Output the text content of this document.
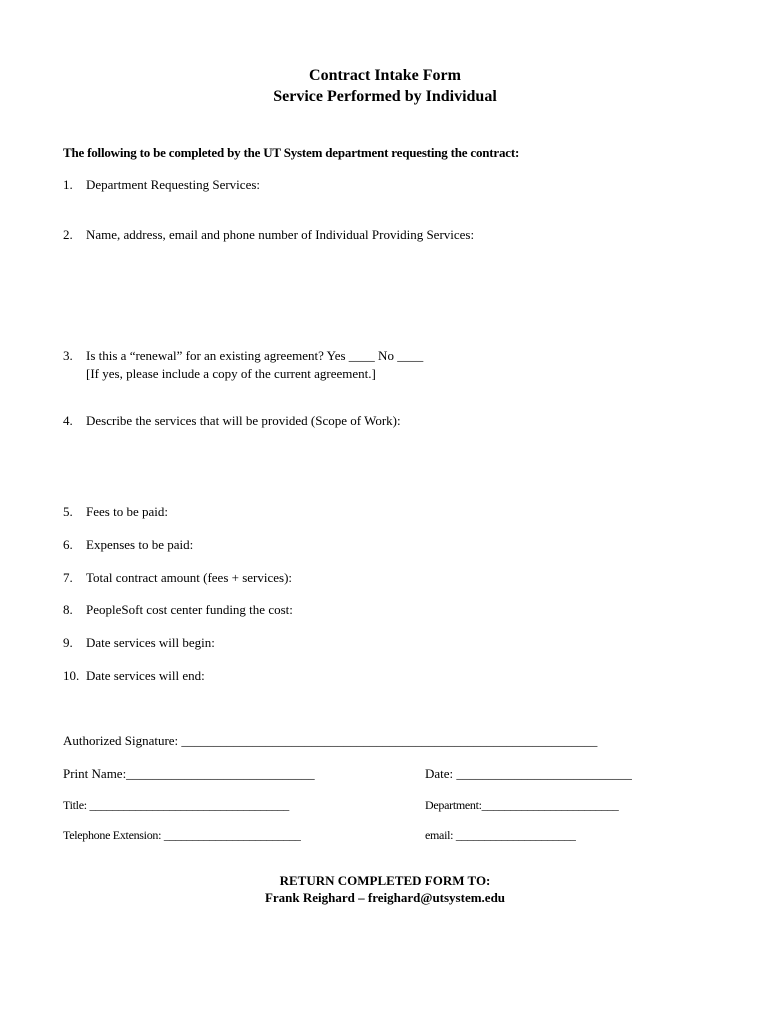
Contract Intake Form
Service Performed by Individual
The following to be completed by the UT System department requesting the contract:
1. Department Requesting Services:
2. Name, address, email and phone number of Individual Providing Services:
3. Is this a “renewal” for an existing agreement? Yes ____ No ____
[If yes, please include a copy of the current agreement.]
4. Describe the services that will be provided (Scope of Work):
5. Fees to be paid:
6. Expenses to be paid:
7. Total contract amount (fees + services):
8. PeopleSoft cost center funding the cost:
9. Date services will begin:
10. Date services will end:
Authorized Signature: ________________________________________________________________
Print Name:_____________________________	Date: ___________________________
Title: ___________________________________	Department:________________________
Telephone Extension: ________________________	email: _____________________
RETURN COMPLETED FORM TO:
Frank Reighard – freighard@utsystem.edu
